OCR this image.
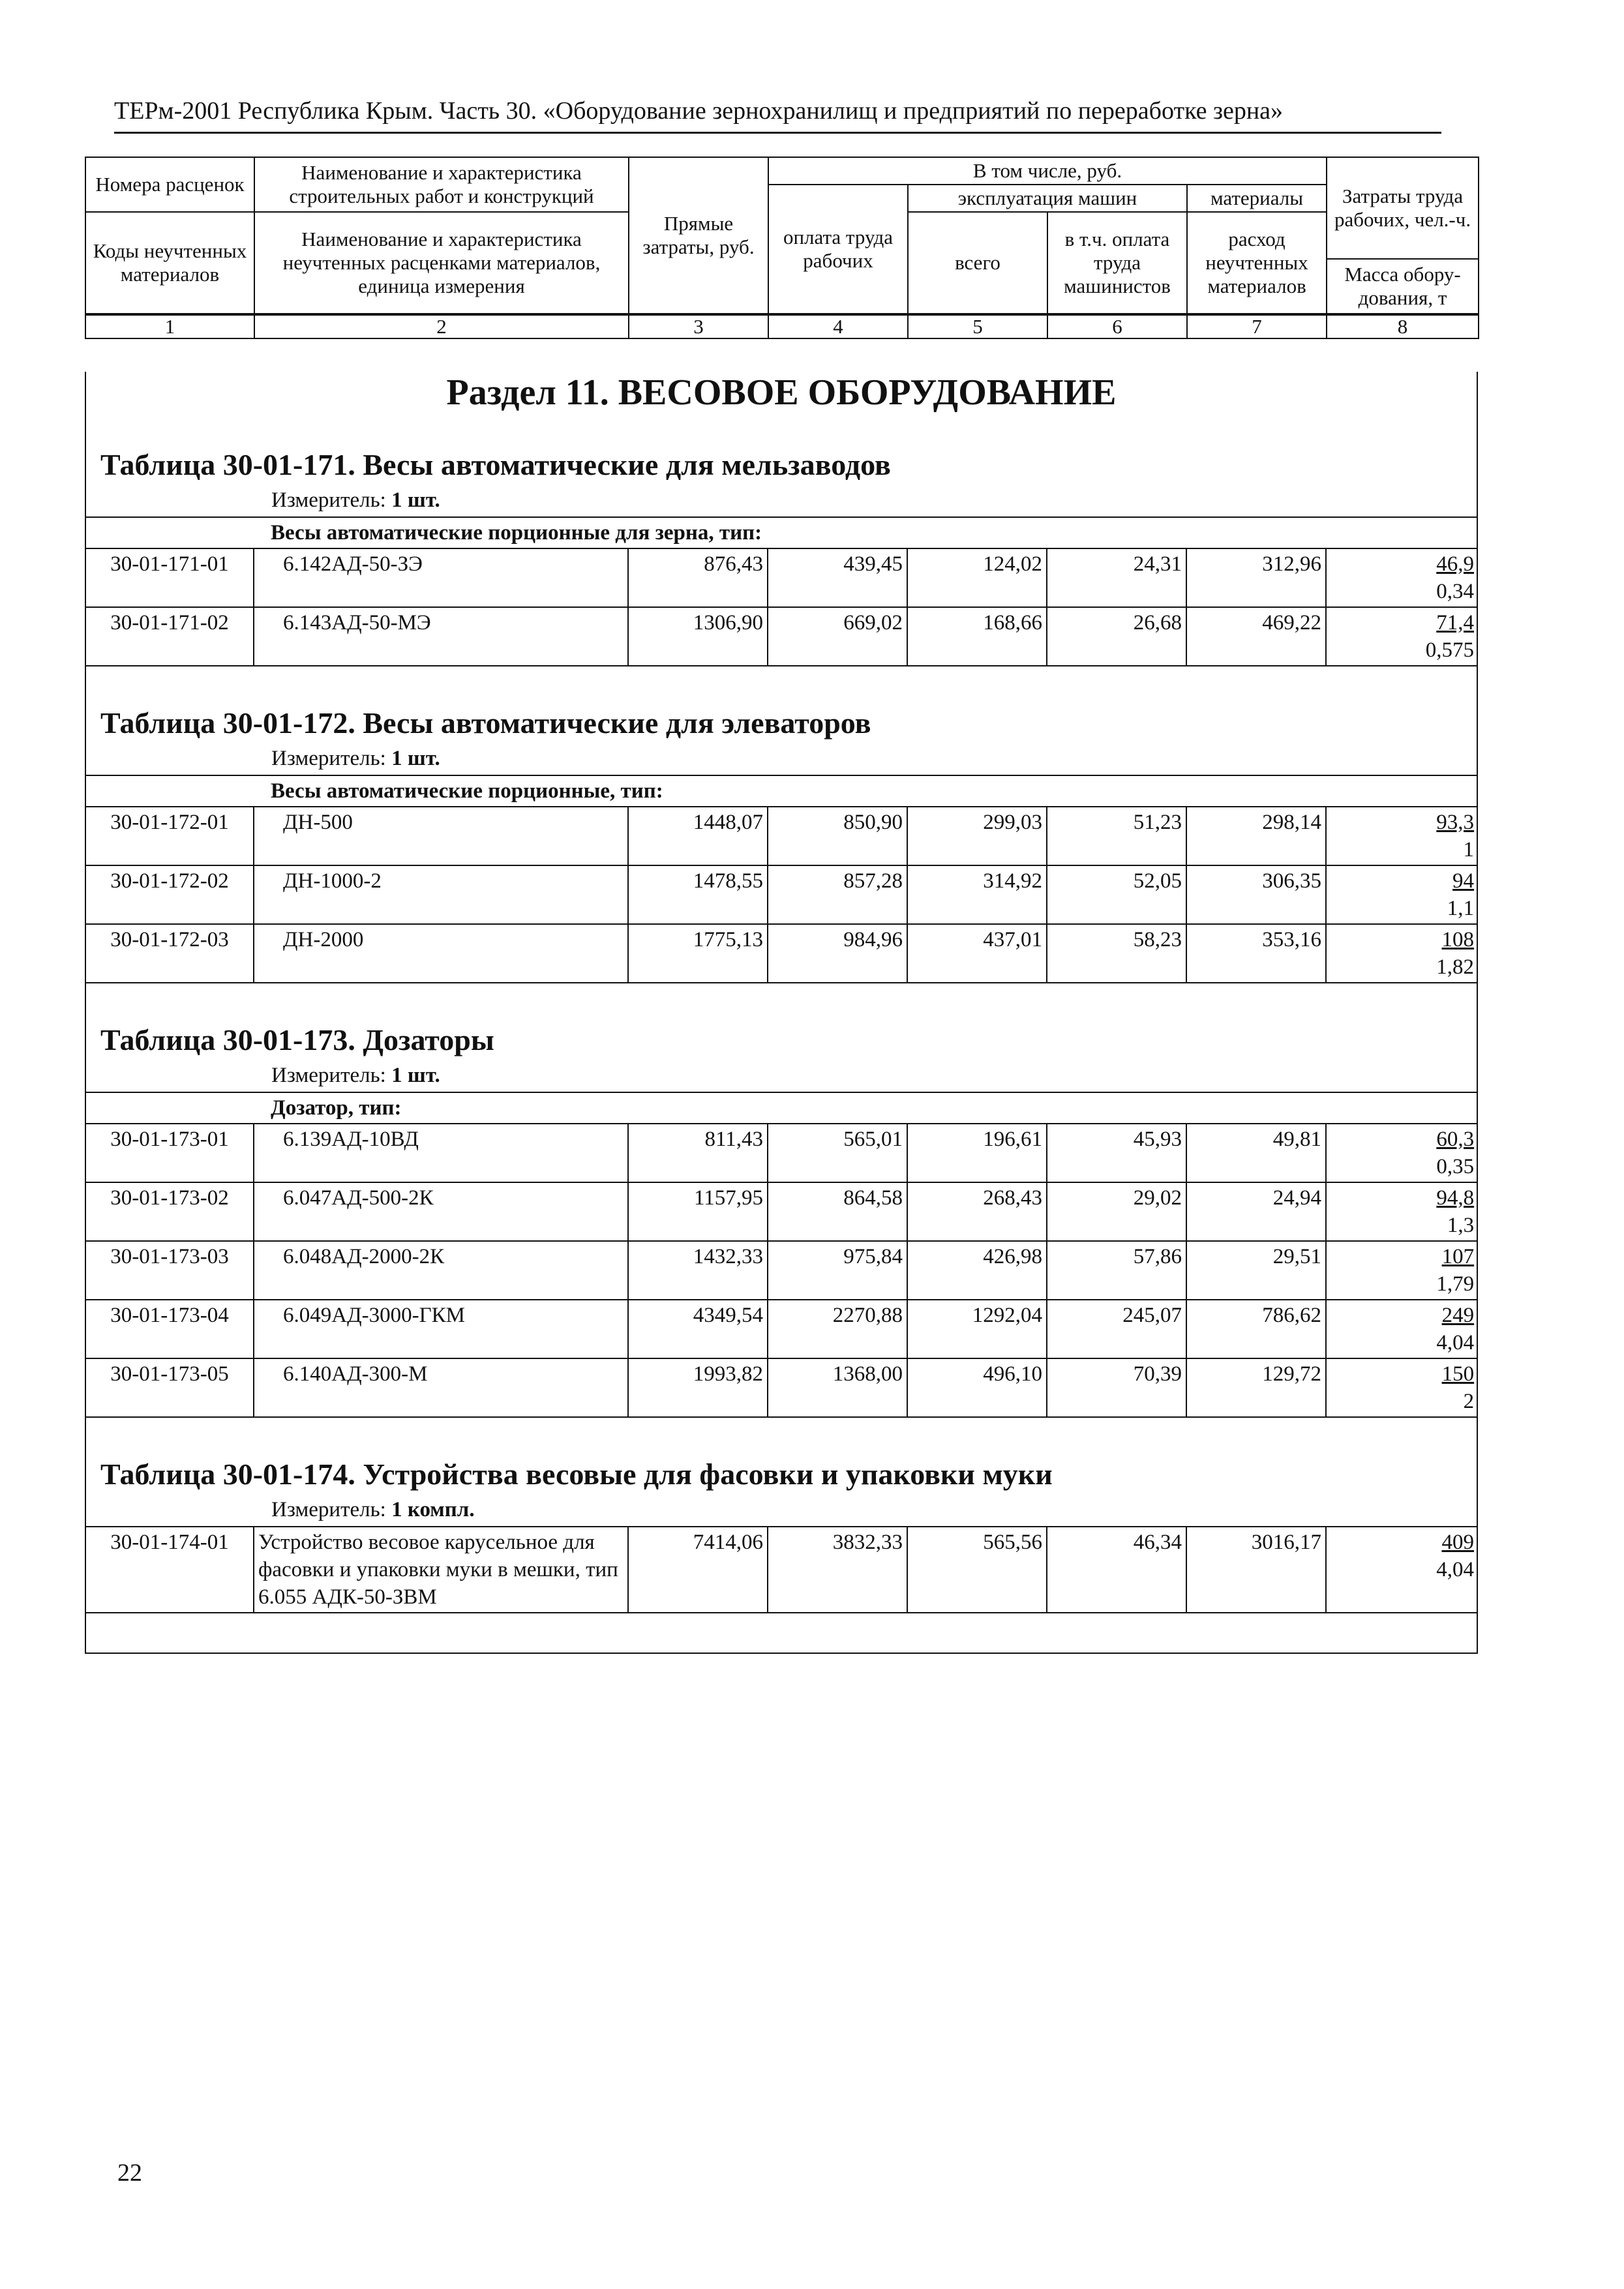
ТЕРм-2001 Республика Крым. Часть 30. «Оборудование зернохранилищ и предприятий по переработке зерна»
Номера расценок	Наименование и характеристика строительных работ и конструкций	Прямые затраты, руб.	В том числе, руб.				Затраты труда рабочих, чел.-ч.
			оплата труда рабочих	эксплуатация машин		материалы	
Коды неучтенных материалов	Наименование и характеристика неучтенных расценками материалов, единица измерения			всего	в т.ч. оплата труда машинистов	расход неучтенных материалов	
							Масса обору-дования, т
1	2	3	4	5	6	7	8
Раздел 11. ВЕСОВОЕ ОБОРУДОВАНИЕ
Таблица 30-01-171. Весы автоматические для мельзаводов
Измеритель: 1 шт.
Весы автоматические порционные для зерна, тип:							
30-01-171-01	6.142АД-50-ЗЭ	876,43	439,45	124,02	24,31	312,96	46,9
0,34

30-01-171-02	6.143АД-50-МЭ	1306,90	669,02	168,66	26,68	469,22	71,4
0,575
Таблица 30-01-172. Весы автоматические для элеваторов
Измеритель: 1 шт.
Весы автоматические порционные, тип:							
30-01-172-01	ДН-500	1448,07	850,90	299,03	51,23	298,14	93,3
1

30-01-172-02	ДН-1000-2	1478,55	857,28	314,92	52,05	306,35	94
1,1

30-01-172-03	ДН-2000	1775,13	984,96	437,01	58,23	353,16	108
1,82
Таблица 30-01-173. Дозаторы
Измеритель: 1 шт.
Дозатор, тип:							
30-01-173-01	6.139АД-10ВД	811,43	565,01	196,61	45,93	49,81	60,3
0,35

30-01-173-02	6.047АД-500-2К	1157,95	864,58	268,43	29,02	24,94	94,8
1,3

30-01-173-03	6.048АД-2000-2К	1432,33	975,84	426,98	57,86	29,51	107
1,79

30-01-173-04	6.049АД-3000-ГКМ	4349,54	2270,88	1292,04	245,07	786,62	249
4,04

30-01-173-05	6.140АД-300-М	1993,82	1368,00	496,10	70,39	129,72	150
2
Таблица 30-01-174. Устройства весовые для фасовки и упаковки муки
Измеритель: 1 компл.
30-01-174-01	Устройство весовое карусельное для фасовки и упаковки муки в мешки, тип 6.055 АДК-50-ЗВМ	7414,06	3832,33	565,56	46,34	3016,17	409
4,04
22
